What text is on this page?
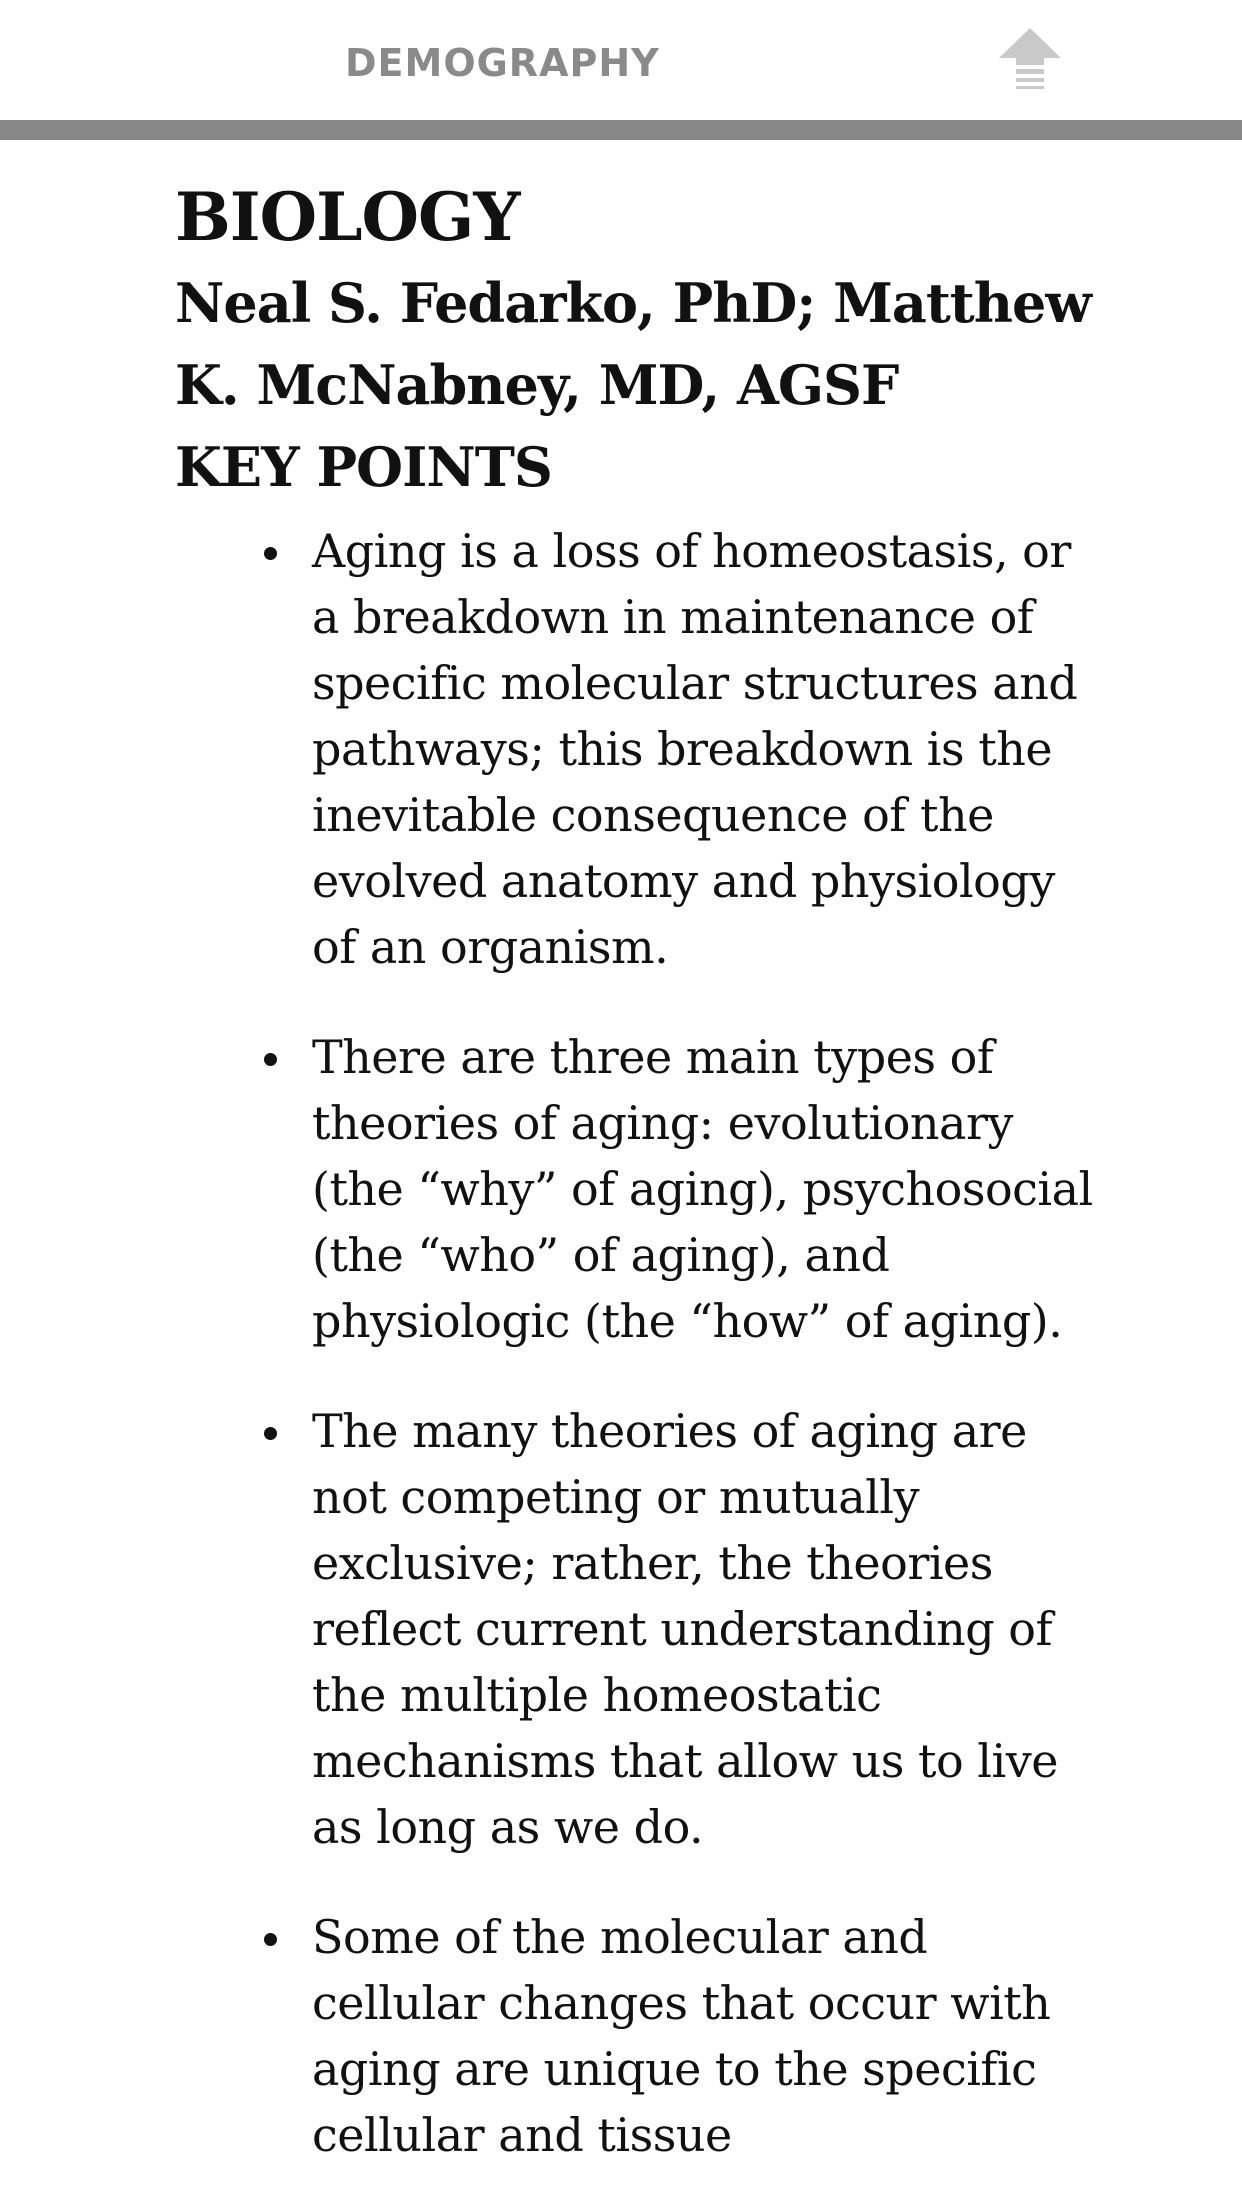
DEMOGRAPHY
BIOLOGY
Neal S. Fedarko, PhD; Matthew K. McNabney, MD, AGSF
KEY POINTS
Aging is a loss of homeostasis, or a breakdown in maintenance of specific molecular structures and pathways; this breakdown is the inevitable consequence of the evolved anatomy and physiology of an organism.
There are three main types of theories of aging: evolutionary (the “why” of aging), psychosocial (the “who” of aging), and physiologic (the “how” of aging).
The many theories of aging are not competing or mutually exclusive; rather, the theories reflect current understanding of the multiple homeostatic mechanisms that allow us to live as long as we do.
Some of the molecular and cellular changes that occur with aging are unique to the specific cellular and tissue
